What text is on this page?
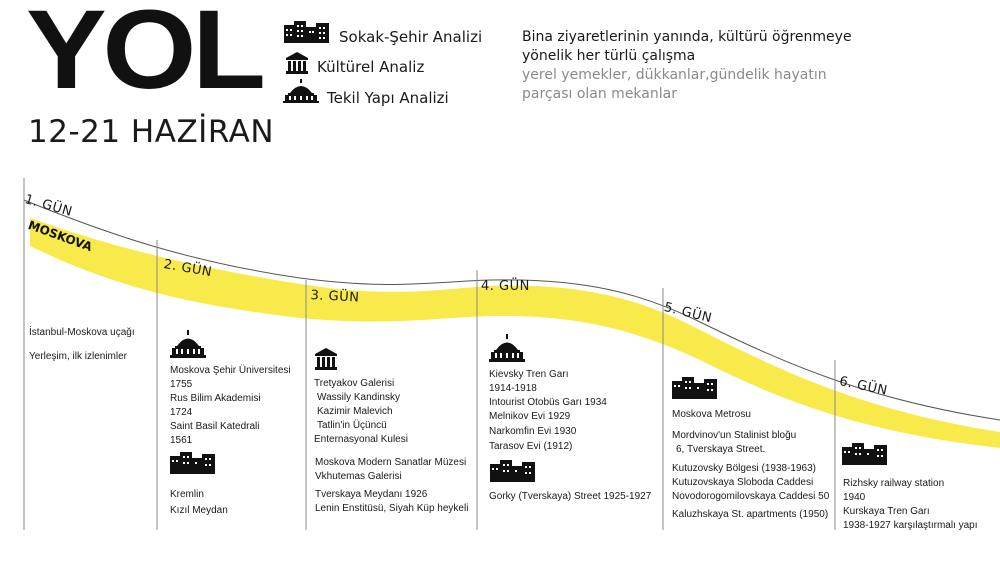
YOL
12-21 HAZİRAN
Sokak-Şehir Analizi
Kültürel Analiz
Tekil Yapı Analizi
Bina ziyaretlerinin yanında, kültürü öğrenmeye
yönelik her türlü çalışma
yerel yemekler, dükkanlar,gündelik hayatın
parçası olan mekanlar
1. GÜN
MOSKOVA
2. GÜN
3. GÜN
4. GÜN
5. GÜN
6. GÜN
İstanbul-Moskova uçağı
Yerleşim, ilk izlenimler
Moskova Şehir Üniversitesi
1755
Rus Bilim Akademisi
1724
Saint Basil Katedrali
1561
Kremlin
Kızıl Meydan
Tretyakov Galerisi
Wassily Kandinsky
Kazimir Malevich
Tatlin'in Üçüncü
Enternasyonal Kulesi
Moskova Modern Sanatlar Müzesi
Vkhutemas Galerisi
Tverskaya Meydanı 1926
Lenin Enstitüsü, Siyah Küp heykeli
Kievsky Tren Garı
1914-1918
Intourist Otobüs Garı 1934
Melnikov Evi 1929
Narkomfin Evi 1930
Tarasov Evi (1912)
Gorky (Tverskaya) Street 1925-1927
Moskova Metrosu
Mordvinov'un Stalinist bloğu
6, Tverskaya Street.
Kutuzovsky Bölgesi (1938-1963)
Kutuzovskaya Sloboda Caddesi
Novodorogomilovskaya Caddesi 50
Kaluzhskaya St. apartments (1950)
Rizhsky railway station
1940
Kurskaya Tren Garı
1938-1927 karşılaştırmalı yapı
